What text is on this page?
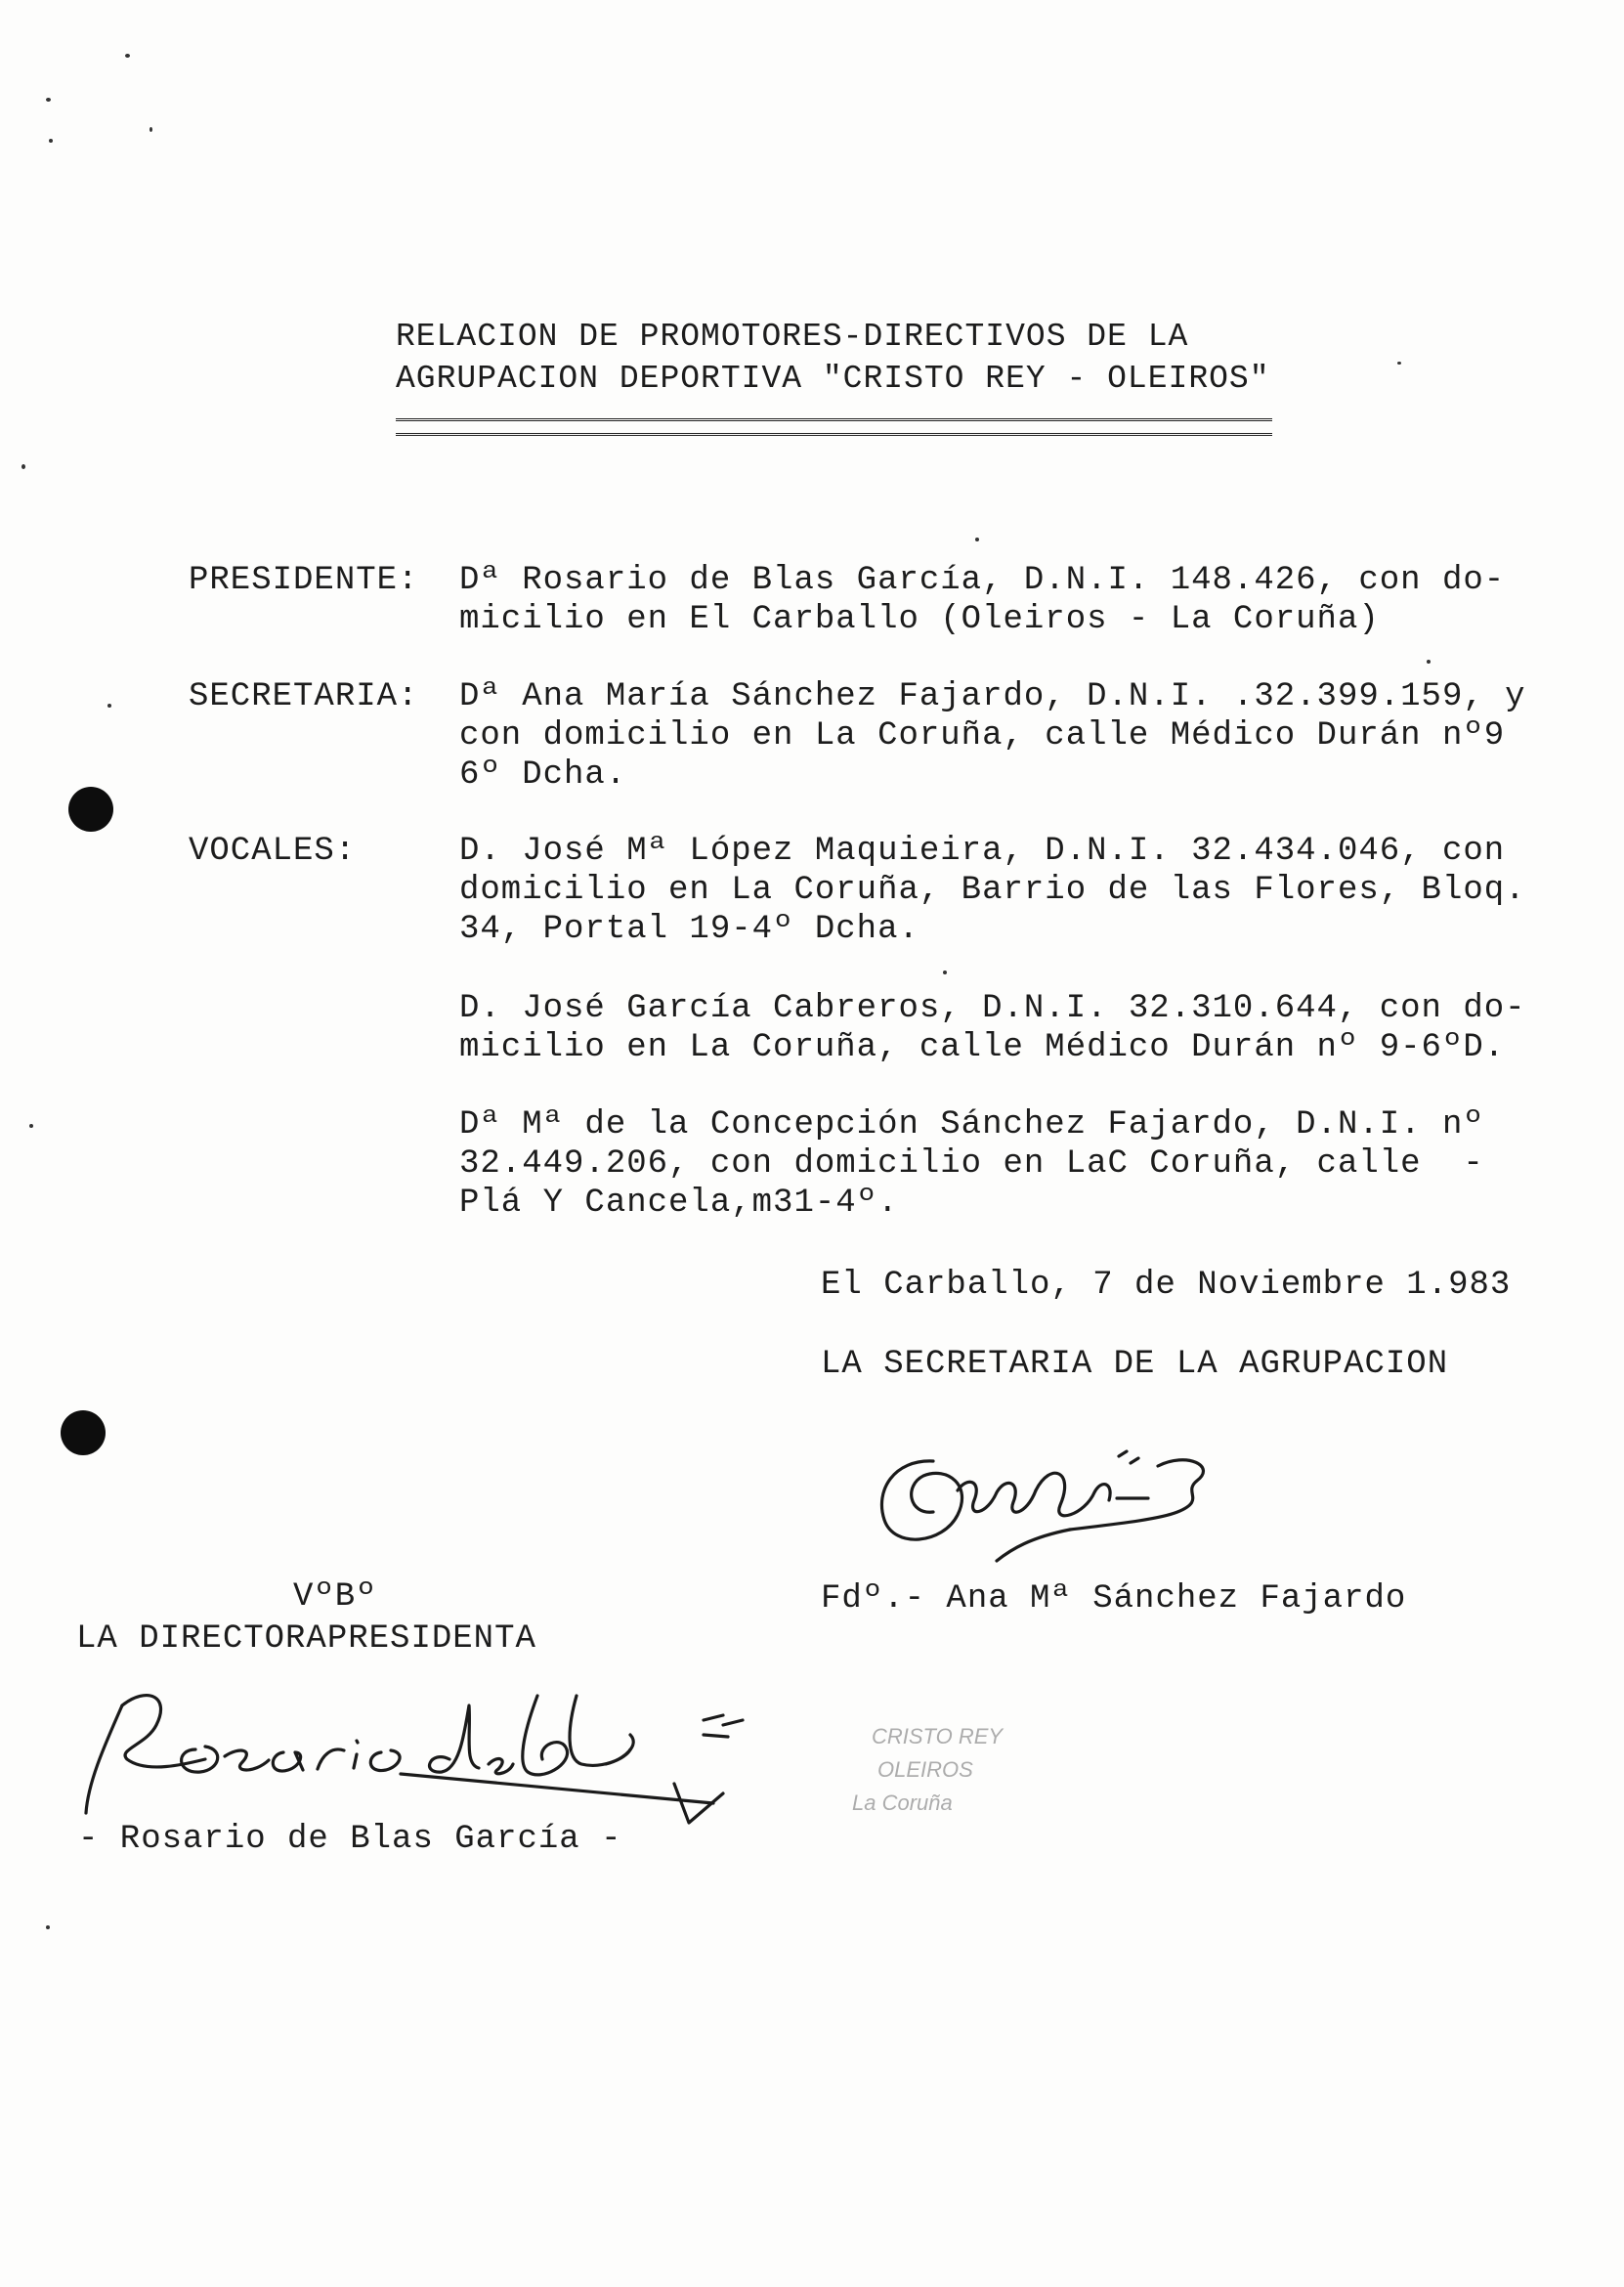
RELACION DE PROMOTORES-DIRECTIVOS DE LA
AGRUPACION DEPORTIVA "CRISTO REY - OLEIROS"
PRESIDENTE: Dª Rosario de Blas García, D.N.I. 148.426, con do-
micilio en El Carballo (Oleiros - La Coruña)
SECRETARIA: Dª Ana María Sánchez Fajardo, D.N.I. .32.399.159, y
con domicilio en La Coruña, calle Médico Durán nº9
6º Dcha.
VOCALES:	D. José Mª López Maquieira, D.N.I. 32.434.046, con
domicilio en La Coruña, Barrio de las Flores, Bloq.
34, Portal 19-4º Dcha.
D. José García Cabreros, D.N.I. 32.310.644, con do-
micilio en La Coruña, calle Médico Durán nº 9-6ºD.
Dª Mª de la Concepción Sánchez Fajardo, D.N.I. nº
32.449.206, con domicilio en LaC Coruña, calle  -
Plá Y Cancela,m31-4º.
El Carballo, 7 de Noviembre 1.983
LA SECRETARIA DE LA AGRUPACION
Fdº.- Ana Mª Sánchez Fajardo
VºBº
LA DIRECTORAPRESIDENTA
- Rosario de Blas García -
CRISTO REY
OLEIROS
La Coruña
